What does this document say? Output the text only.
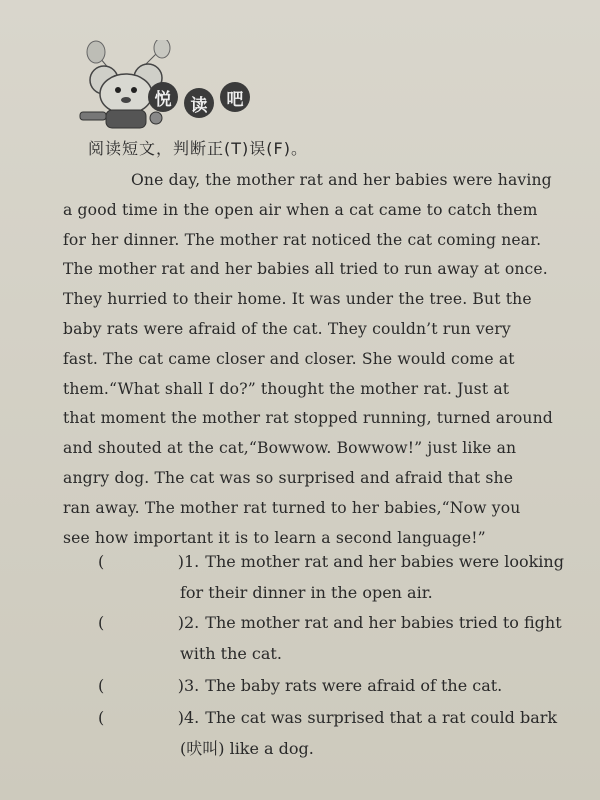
悦	读	吧
阅读短文，判断正(T)误(F)。
One day, the mother rat and her babies were having
a good time in the open air when a cat came to catch them
for her dinner. The mother rat noticed the cat coming near.
The mother rat and her babies all tried to run away at once.
They hurried to their home. It was under the tree. But the
baby rats were afraid of the cat. They couldn’t run very
fast. The cat came closer and closer. She would come at
them.“What shall I do?” thought the mother rat. Just at
that moment the mother rat stopped running, turned around
and shouted at the cat,“Bowwow. Bowwow!” just like an
angry dog. The cat was so surprised and afraid that she
ran away. The mother rat turned to her babies,“Now you
see how important it is to learn a second language!”
(	) 1. The mother rat and her babies were looking
for their dinner in the open air.
(	) 2. The mother rat and her babies tried to fight
with the cat.
(	) 3. The baby rats were afraid of the cat.
(	) 4. The cat was surprised that a rat could bark
(吠叫) like a dog.
